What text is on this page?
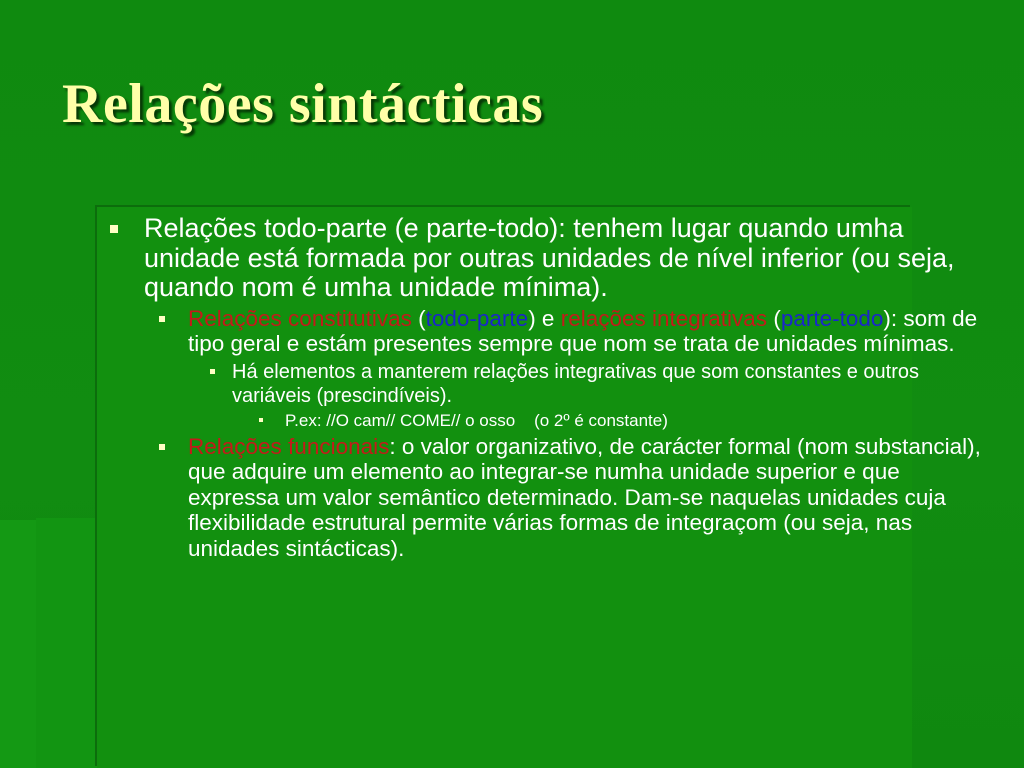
Relações sintácticas
Relações todo-parte (e parte-todo): tenhem lugar quando umha unidade está formada por outras unidades de nível inferior (ou seja, quando nom é umha unidade mínima).
Relações constitutivas (todo-parte) e relações integrativas (parte-todo): som de tipo geral e estám presentes sempre que nom se trata de unidades mínimas.
Há elementos a manterem relações integrativas que som constantes e outros variáveis (prescindíveis).
P.ex: //O cam// COME// o osso    (o 2º é constante)
Relações funcionais: o valor organizativo, de carácter formal (nom substancial), que adquire um elemento ao integrar-se numha unidade superior e que expressa um valor semântico determinado. Dam-se naquelas unidades cuja flexibilidade estrutural permite várias formas de integraçom (ou seja, nas unidades sintácticas).
